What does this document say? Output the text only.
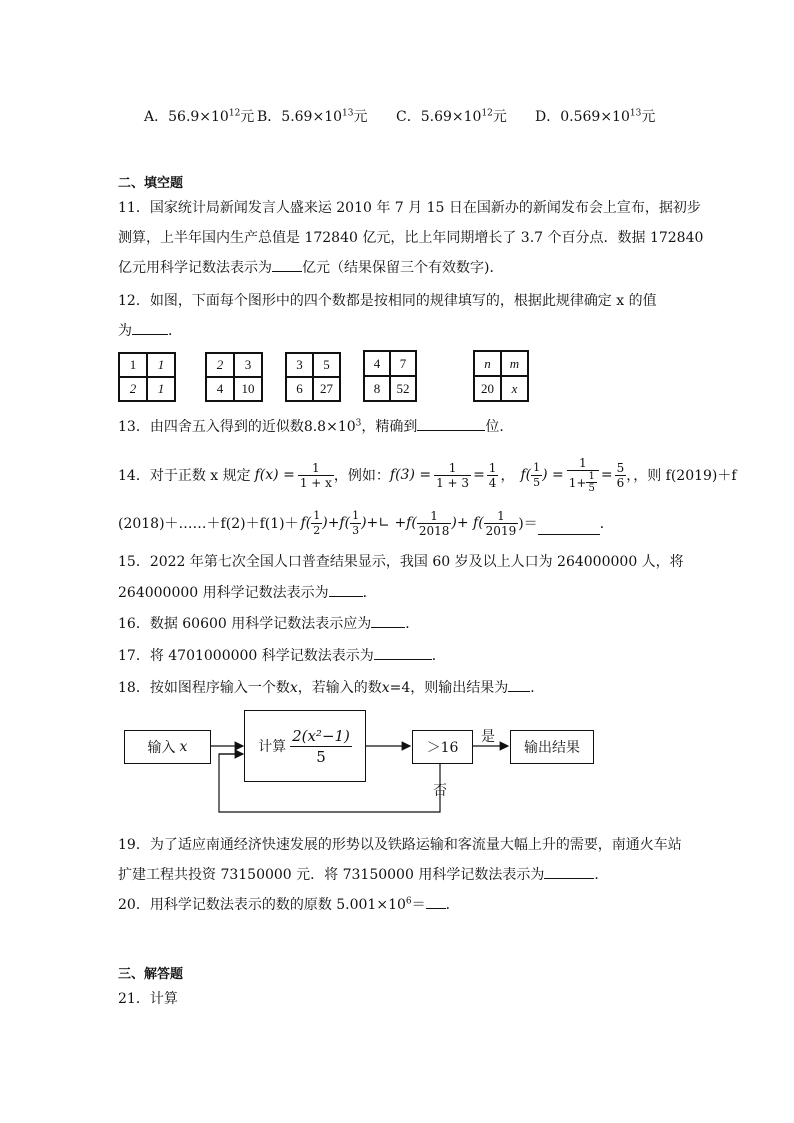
A．$56.9\times 10^{12}$元 B．$5.69\times 10^{13}$元 C．$5.69\times 10^{12}$元 D．$0.569\times 10^{13}$元
二、填空题
11．国家统计局新闻发言人盛来运 2010 年 7 月 15 日在国新办的新闻发布会上宣布，据初步
测算，上半年国内生产总值是 172840 亿元，比上年同期增长了 3.7 个百分点．数据 172840
亿元用科学记数法表示为 亿元（结果保留三个有效数字)．
12．如图，下面每个图形中的四个数都是按相同的规律填写的，根据此规律确定 x 的值
为	．
1	1
2	1
2	3
4	10
3	5
6	27
4	7
8	52
n	m
20	x
13．由四舍五入得到的近似数$8.8\times 10^3$，精确到	位．
14．对于正数 x 规定 $f(x) = \frac{1}{1 + x}$ ，例如： $f(3) = \frac{1}{1 + 3} = \frac{1}{4}$ ， $f( \frac{1}{5}$ ) = $\frac{1}{1+ \frac{1}{5}} = \frac{5}{6}$ ，，则 f(2019)＋f
(2018)＋……＋f(2)＋f(1)＋ $f( \frac{1}{2} )+f( \frac{1}{3}$ )+∟ $+f( \frac{1}{2018}$ )+ $f( \frac{1}{2019}$ )＝	．
15．2022 年第七次全国人口普查结果显示，我国 60 岁及以上人口为 264000000 人，将
264000000 用科学记数法表示为 ．
16．数据 60600 用科学记数法表示应为 ．
17．将 4701000000 科学记数法表示为	．
18．按如图程序输入一个数x，若输入的数x=4，则输出结果为 ．
输入 x	计算 $\frac{\text{2(x²−1)}}{5}$	＞16	输出结果
是
否
19．为了适应南通经济快速发展的形势以及铁路运输和客流量大幅上升的需要，南通火车站
扩建工程共投资 73150000 元．将 73150000 用科学记数法表示为	．
20．用科学记数法表示的数的原数 $5.001\times 10^6=$ ．
三、解答题
21．计算
